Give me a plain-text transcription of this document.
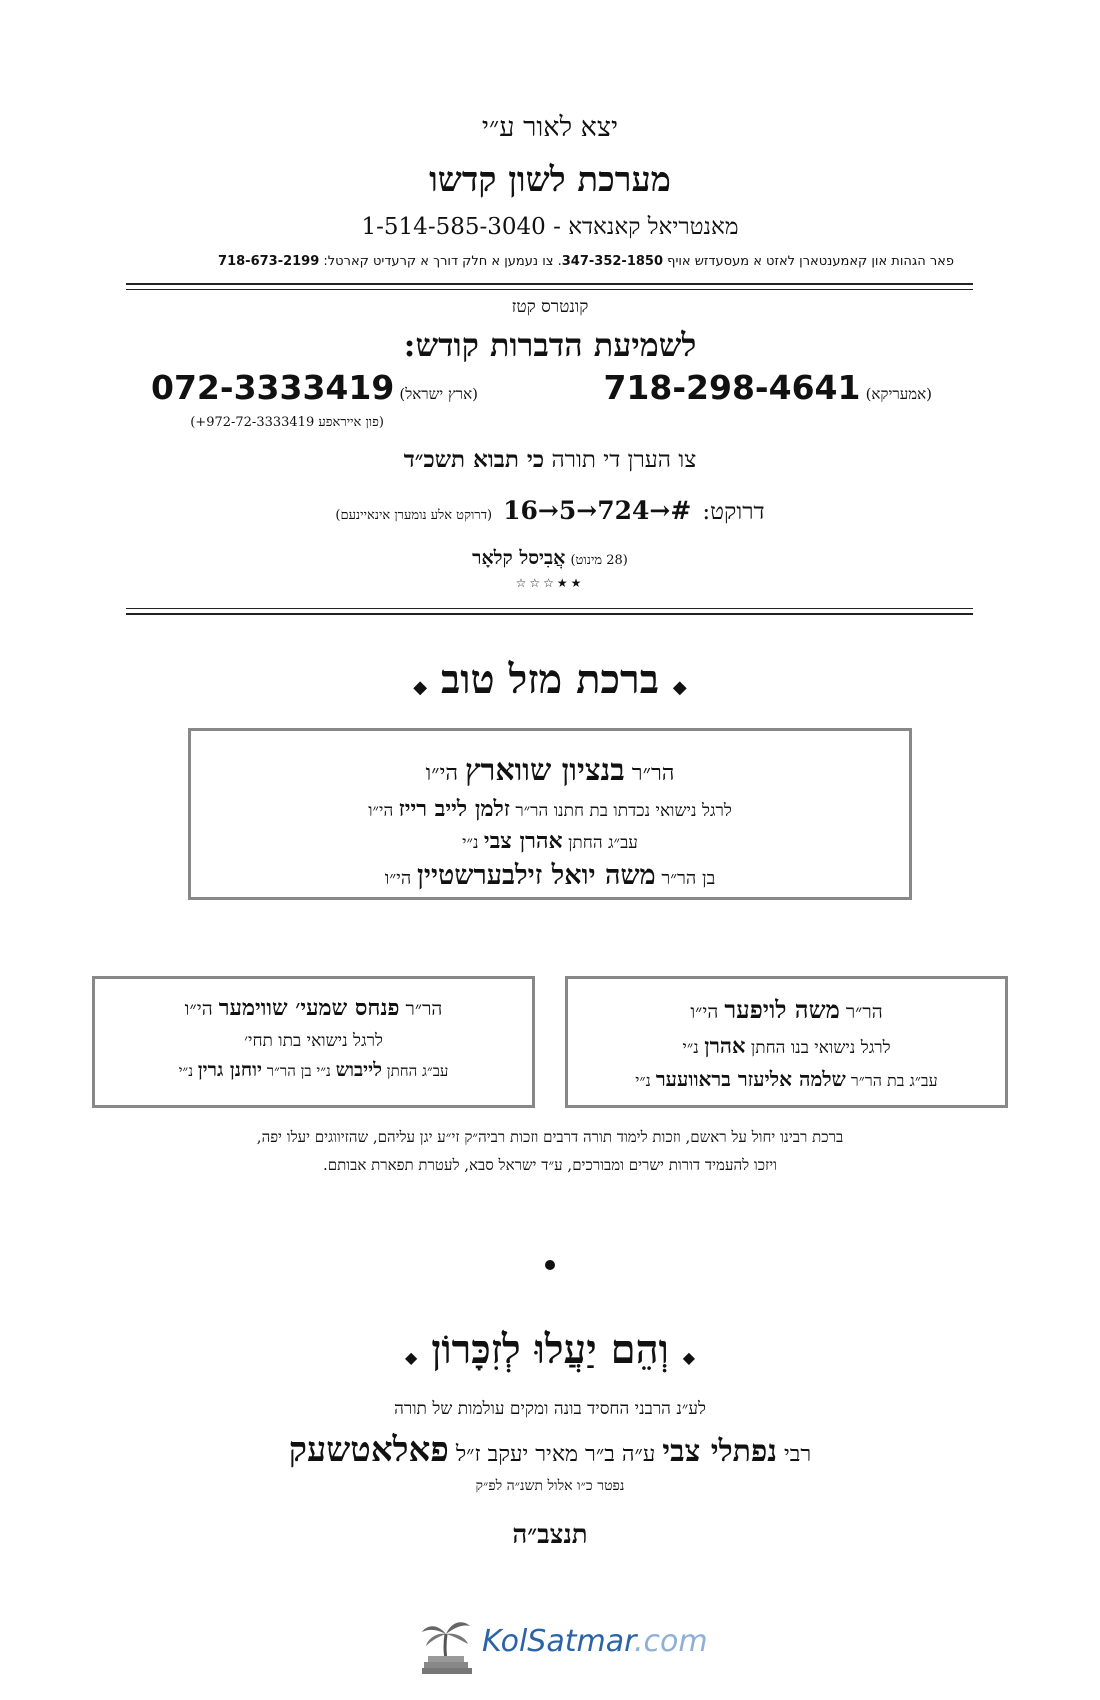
יצא לאור ע״י
מערכת לשון קדשו
מאנטריאל קאנאדא - 1-514-585-3040
פאר הגהות און קאמענטארן לאזט א מעסעדזש אויף 347-352-1850. צו נעמען א חלק דורך א קרעדיט קארטל: 718-673-2199
קונטרס קטז
לשמיעת הדברות קודש:
(אמעריקא) 718-298-4641
(ארץ ישראל) 072-3333419
(פון אייראפע 972-72-3333419+)
צו הערן די תורה כי תבוא תשכ״ד
דרוקט: #→724→5→16 (דרוקט אלע נומערן אינאיינעם)
(28 מינוט) אֲבִיסל קלאָר
★★☆☆☆
◆ ברכת מזל טוב ◆
הר״ר בנציון שווארץ הי״ו
לרגל נישואי נכדתו בת חתנו הר״ר זלמן לייב רייז הי״ו
עב״ג החתן אהרן צבי נ״י
בן הר״ר משה יואל זילבערשטיין הי״ו
הר״ר משה לויפער הי״ו
לרגל נישואי בנו החתן אהרן נ״י
עב״ג בת הר״ר שלמה אליעזר בראוועער נ״י
הר״ר פנחס שמעי׳ שווימער הי״ו
לרגל נישואי בתו תחי׳
עב״ג החתן לייבוש נ״י בן הר״ר יוחנן גרין נ״י
ברכת רבינו יחול על ראשם, וזכות לימוד תורה דרבים וזכות רביה״ק זי״ע יגן עליהם, שהזיווגים יעלו יפה,
ויזכו להעמיד דורות ישרים ומבורכים, ע״ד ישראל סבא, לעטרת תפארת אבותם.
◆ וְהֵם יַעֲלוּ לְזִכָּרוֹן ◆
לע״נ הרבני החסיד בונה ומקים עולמות של תורה
רבי נפתלי צבי ע״ה ב״ר מאיר יעקב ז״ל פאלאטשעק
נפטר כ״ו אלול תשנ״ה לפ״ק
תנצב״ה
KolSatmar
.com
